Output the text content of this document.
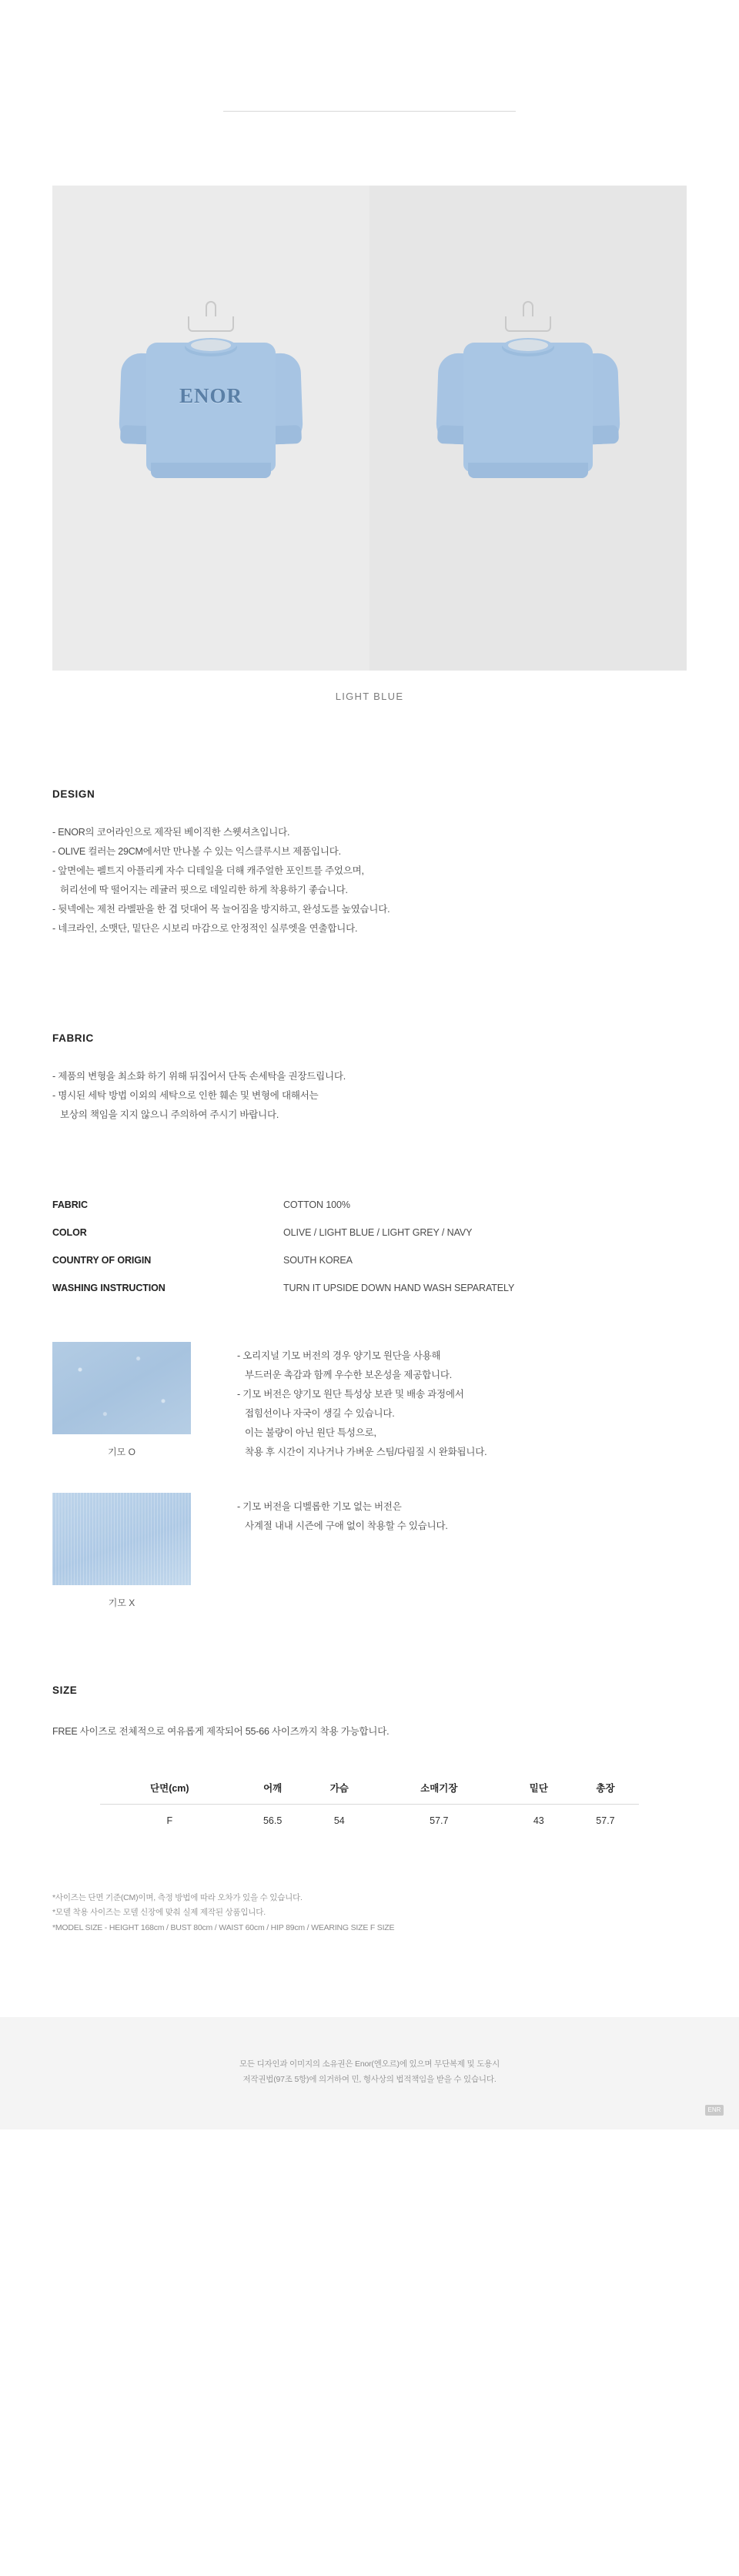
ENOR
LIGHT BLUE
DESIGN
- ENOR의 코어라인으로 제작된 베이직한 스웻셔츠입니다.
- OLIVE 컬러는 29CM에서만 만나볼 수 있는 익스클루시브 제품입니다.
- 앞면에는 펠트지 아플리케 자수 디테일을 더해 캐주얼한 포인트를 주었으며,
허리선에 딱 떨어지는 레귤러 핏으로 데일리한 하게 착용하기 좋습니다.
- 뒷넥에는 제천 라벨판을 한 겹 덧대어 목 늘어짐을 방지하고, 완성도를 높였습니다.
- 네크라인, 소맷단, 밑단은 시보리 마감으로 안정적인 실루엣을 연출합니다.
FABRIC
- 제품의 변형을 최소화 하기 위해 뒤집어서 단독 손세탁을 권장드립니다.
- 명시된 세탁 방법 이외의 세탁으로 인한 훼손 및 변형에 대해서는
보상의 책임을 지지 않으니 주의하여 주시기 바랍니다.
FABRIC	COTTON 100%
COLOR	OLIVE / LIGHT BLUE / LIGHT GREY / NAVY
COUNTRY OF ORIGIN	SOUTH KOREA
WASHING INSTRUCTION	TURN IT UPSIDE DOWN HAND WASH SEPARATELY
기모 O
- 오리지널 기모 버전의 경우 양기모 원단을 사용해
부드러운 촉감과 함께 우수한 보온성을 제공합니다.
- 기모 버전은 양기모 원단 특성상 보관 및 배송 과정에서
접힘선이나 자국이 생길 수 있습니다.
이는 불량이 아닌 원단 특성으로,
착용 후 시간이 지나거나 가벼운 스팀/다림질 시 완화됩니다.
기모 X
- 기모 버전을 디벨롭한 기모 없는 버전은
사계절 내내 시즌에 구애 없이 착용할 수 있습니다.
SIZE
FREE 사이즈로 전체적으로 여유롭게 제작되어 55-66 사이즈까지 착용 가능합니다.
단면(cm)	어깨	가슴	소매기장	밑단	총장
F	56.5	54	57.7	43	57.7
*사이즈는 단면 기준(CM)이며, 측정 방법에 따라 오차가 있을 수 있습니다.
*모델 착용 사이즈는 모델 신장에 맞춰 실제 제작된 상품입니다.
*MODEL SIZE - HEIGHT 168cm / BUST 80cm / WAIST 60cm / HIP 89cm / WEARING SIZE F SIZE

모든 디자인과 이미지의 소유권은 Enor(엔오르)에 있으며 무단복제 및 도용시

저작권법(97조 5항)에 의거하여 민, 형사상의 법적책임을 받을 수 있습니다.

ENR
